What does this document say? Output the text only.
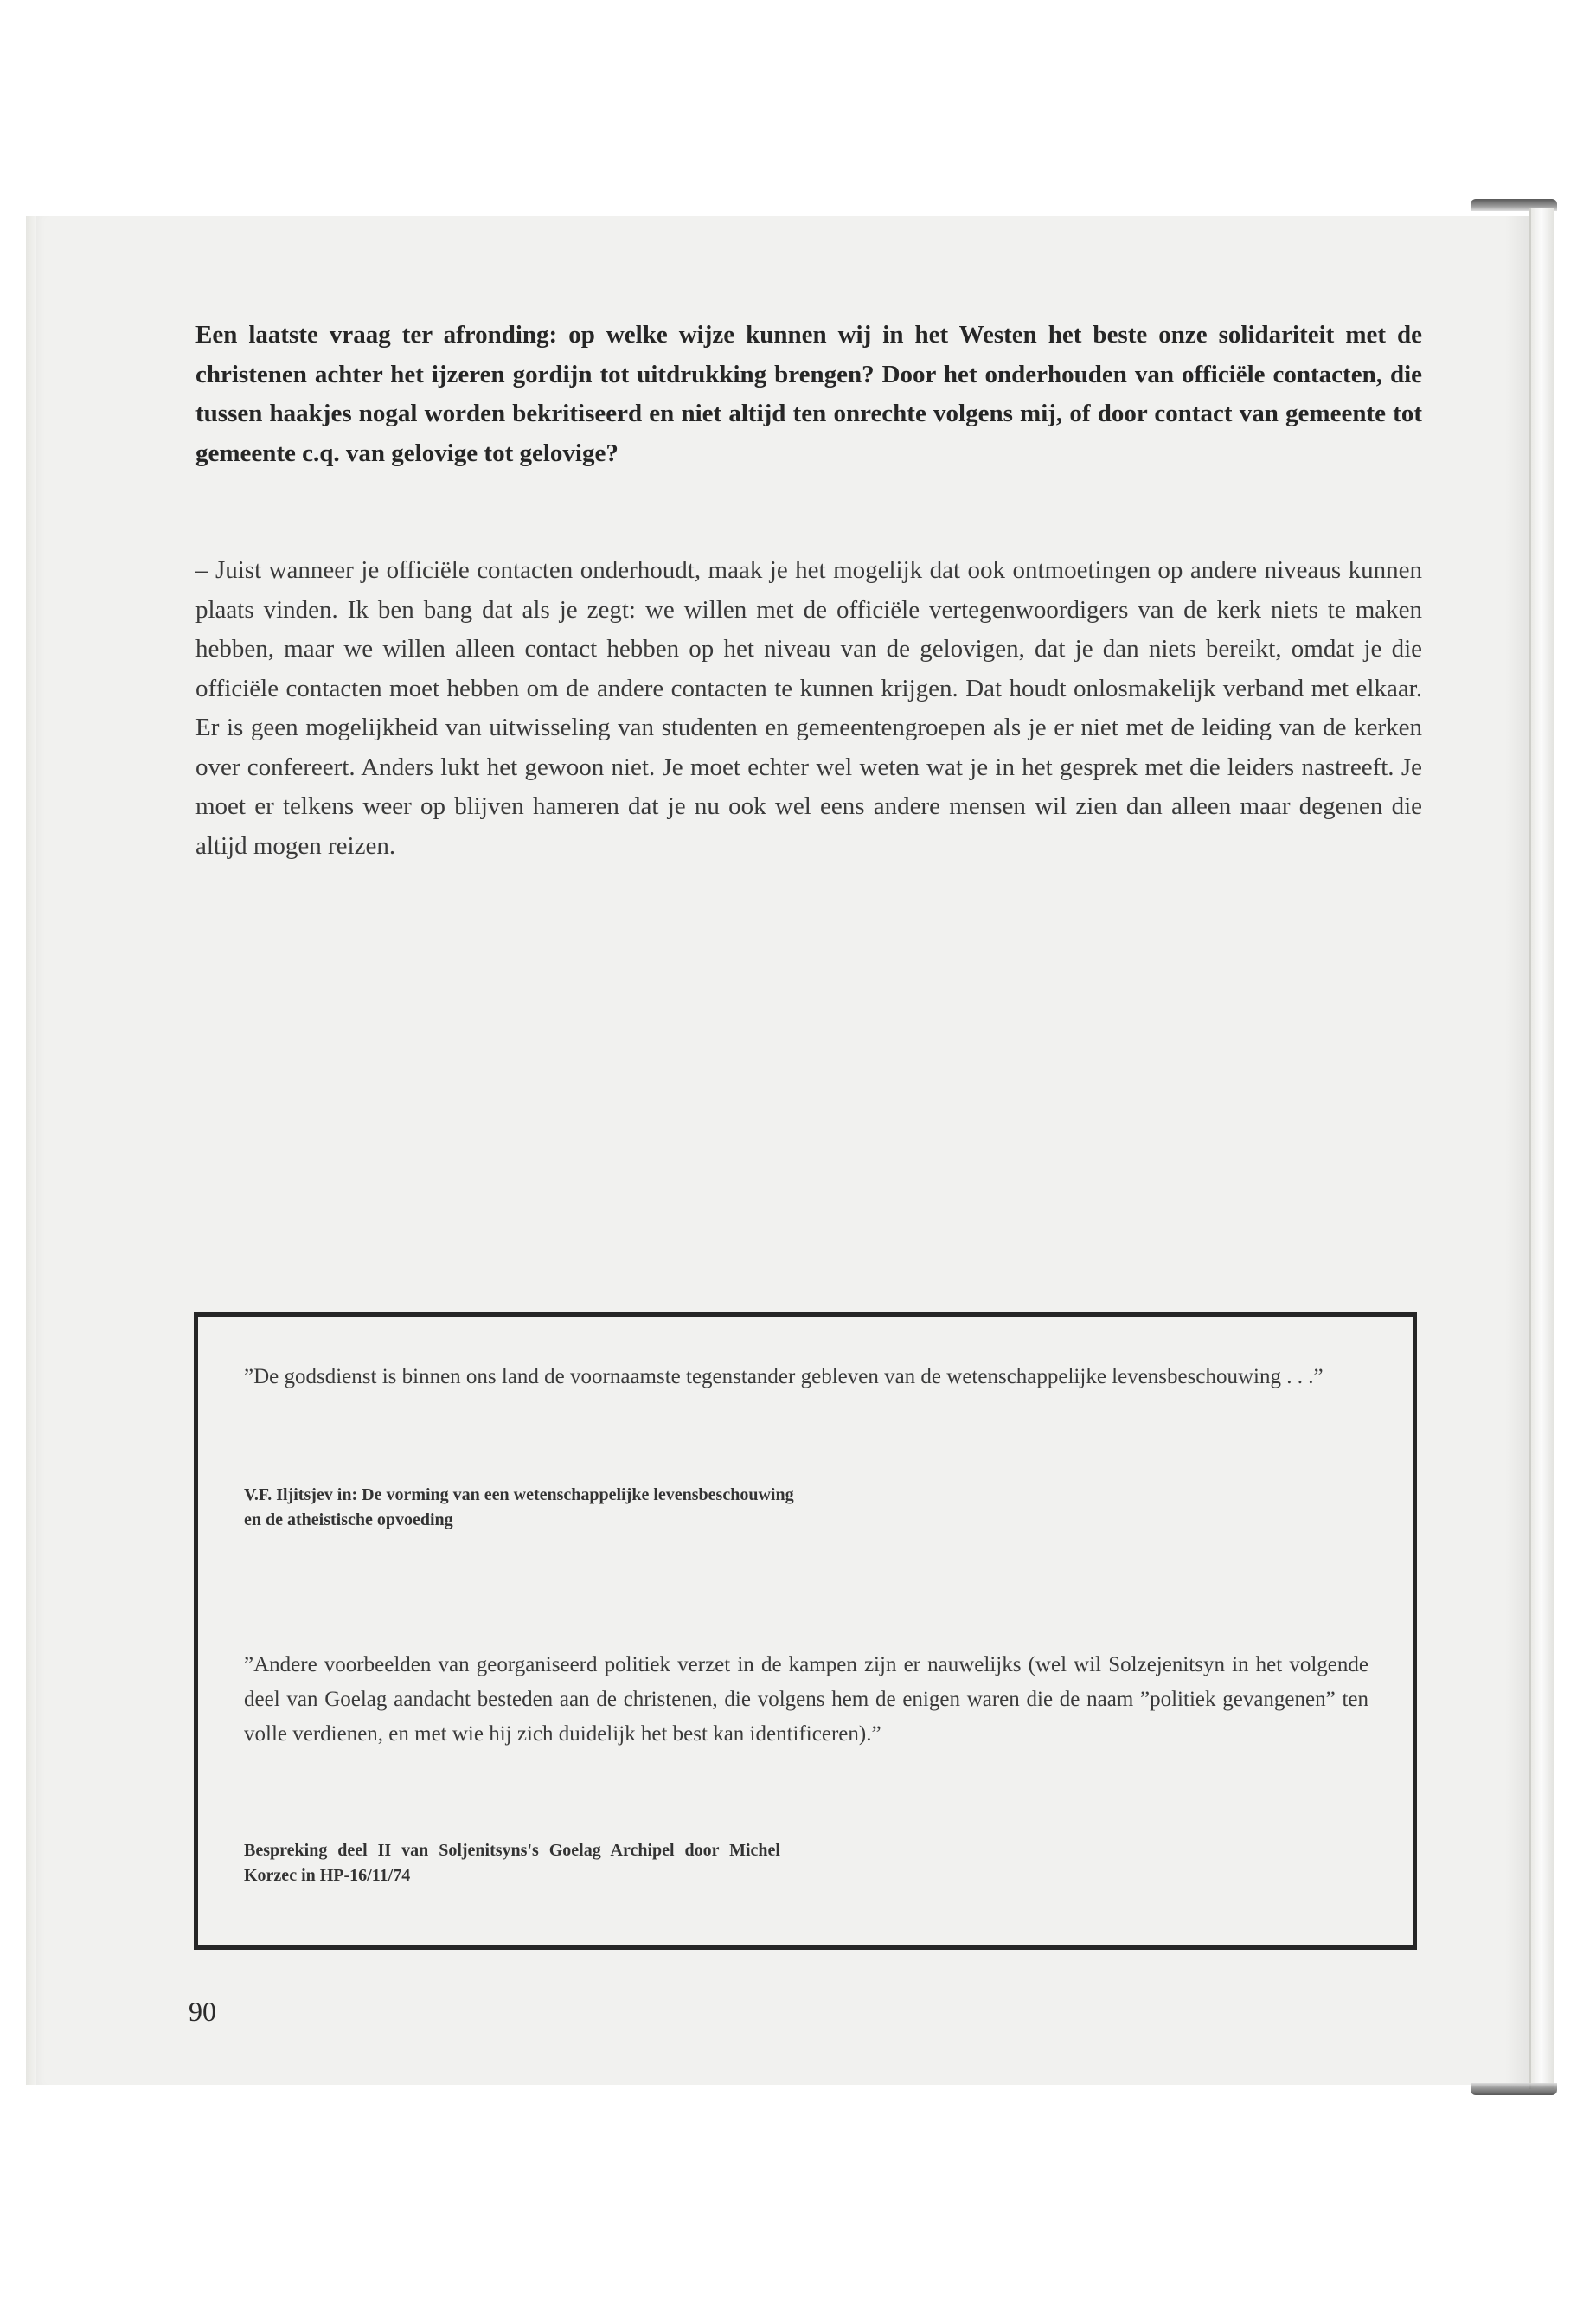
Een laatste vraag ter afronding: op welke wijze kunnen wij in het Westen het beste onze solidariteit met de christenen achter het ijzeren gordijn tot uitdrukking brengen? Door het onderhouden van officiële contacten, die tussen haakjes nogal worden bekritiseerd en niet altijd ten onrechte volgens mij, of door contact van gemeente tot gemeente c.q. van gelovige tot gelovige?

– Juist wanneer je officiële contacten onderhoudt, maak je het mogelijk dat ook ontmoetingen op andere niveaus kunnen plaats vinden. Ik ben bang dat als je zegt: we willen met de officiële vertegenwoordigers van de kerk niets te maken hebben, maar we willen alleen contact hebben op het niveau van de gelovigen, dat je dan niets bereikt, omdat je die officiële contacten moet hebben om de andere contacten te kunnen krijgen. Dat houdt onlosmakelijk verband met elkaar. Er is geen mogelijkheid van uitwisseling van studenten en gemeentengroepen als je er niet met de leiding van de kerken over confereert. Anders lukt het gewoon niet. Je moet echter wel weten wat je in het gesprek met die leiders nastreeft. Je moet er telkens weer op blijven hameren dat je nu ook wel eens andere mensen wil zien dan alleen maar degenen die altijd mogen reizen.

”De godsdienst is binnen ons land de voornaamste tegenstander gebleven van de wetenschappelijke levensbeschouwing . . .”

V.F. Iljitsjev in: De vorming van een wetenschappelijke levensbeschouwing en de atheistische opvoeding

”Andere voorbeelden van georganiseerd politiek verzet in de kampen zijn er nauwelijks (wel wil Solzejenitsyn in het volgende deel van Goelag aandacht besteden aan de christenen, die volgens hem de enigen waren die de naam ”politiek gevangenen” ten volle verdienen, en met wie hij zich duidelijk het best kan identificeren).”

Bespreking deel II van Soljenitsyns's Goelag Archipel door Michel Korzec in HP-16/11/74

90
